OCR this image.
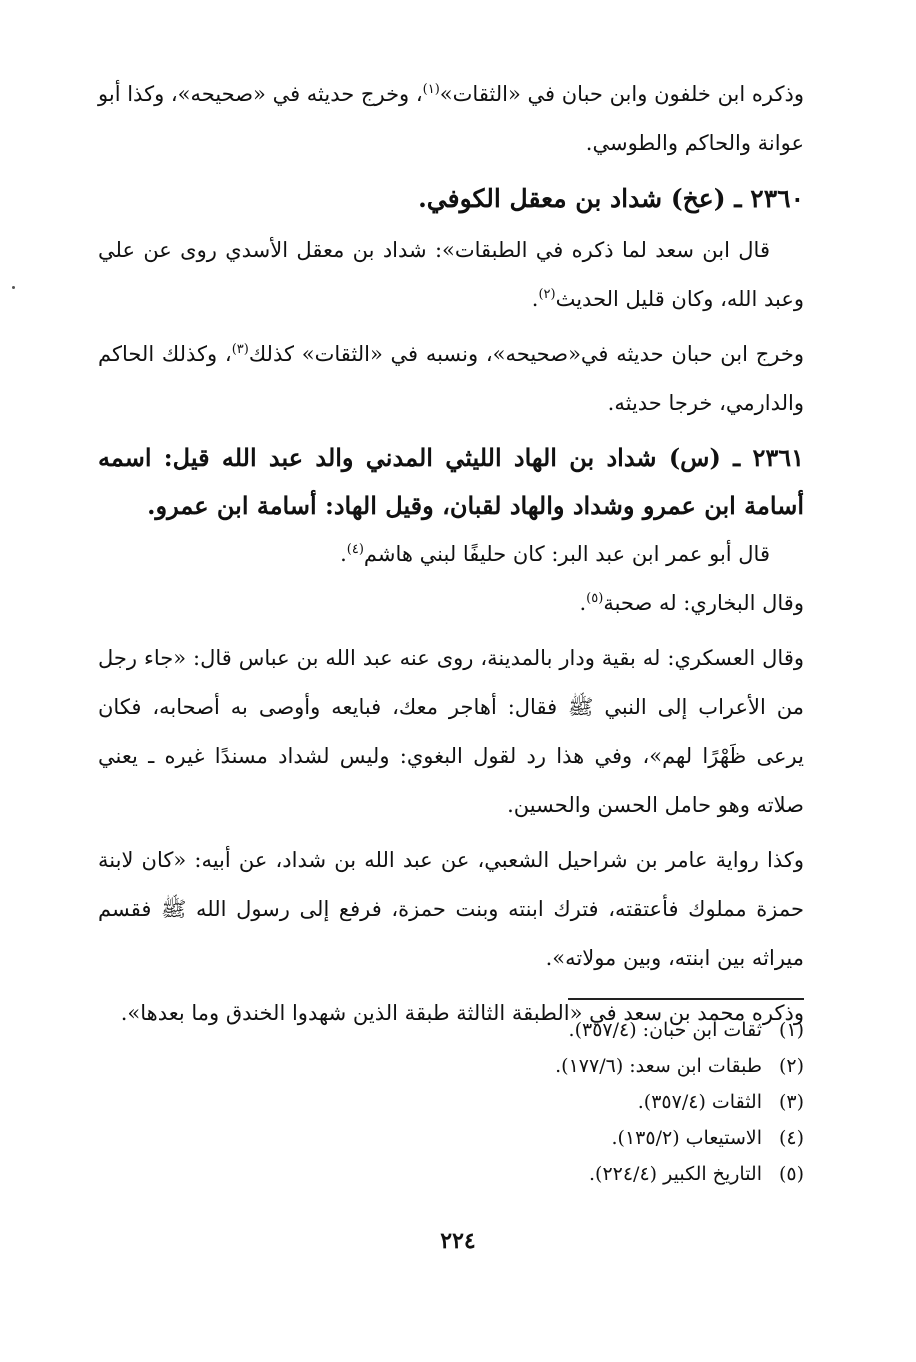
وذكره ابن خلفون وابن حبان في «الثقات»$^{(١)}$، وخرج حديثه في «صحيحه»، وكذا أبو عوانة والحاكم والطوسي.

٢٣٦٠ ـ (عخ) شداد بن معقل الكوفي.

قال ابن سعد لما ذكره في الطبقات»: شداد بن معقل الأسدي روى عن علي وعبد الله، وكان قليل الحديث$^{(٢)}$.

وخرج ابن حبان حديثه في«صحيحه»، ونسبه في «الثقات» كذلك$^{(٣)}$، وكذلك الحاكم والدارمي، خرجا حديثه.

٢٣٦١ ـ (س) شداد بن الهاد الليثي المدني والد عبد الله قيل: اسمه أسامة ابن عمرو وشداد والهاد لقبان، وقيل الهاد: أسامة ابن عمرو.

قال أبو عمر ابن عبد البر: كان حليفًا لبني هاشم$^{(٤)}$.

وقال البخاري: له صحبة$^{(٥)}$.

وقال العسكري: له بقية ودار بالمدينة، روى عنه عبد الله بن عباس قال: «جاء رجل من الأعراب إلى النبي ﷺ فقال: أهاجر معك، فبايعه وأوصى به أصحابه، فكان يرعى ظَهْرًا لهم»، وفي هذا رد لقول البغوي: وليس لشداد مسندًا غيره ـ يعني صلاته وهو حامل الحسن والحسين.

وكذا رواية عامر بن شراحيل الشعبي، عن عبد الله بن شداد، عن أبيه: «كان لابنة حمزة مملوك فأعتقته، فترك ابنته وبنت حمزة، فرفع إلى رسول الله ﷺ فقسم ميراثه بين ابنته، وبين مولاته».

وذكره محمد بن سعد في «الطبقة الثالثة طبقة الذين شهدوا الخندق وما بعدها».

(١)ثقات ابن حبان: (٣٥٧/٤).
(٢)طبقات ابن سعد: (١٧٧/٦).
(٣)الثقات (٣٥٧/٤).
(٤)الاستيعاب (١٣٥/٢).
(٥)التاريخ الكبير (٢٢٤/٤).
٢٢٤
